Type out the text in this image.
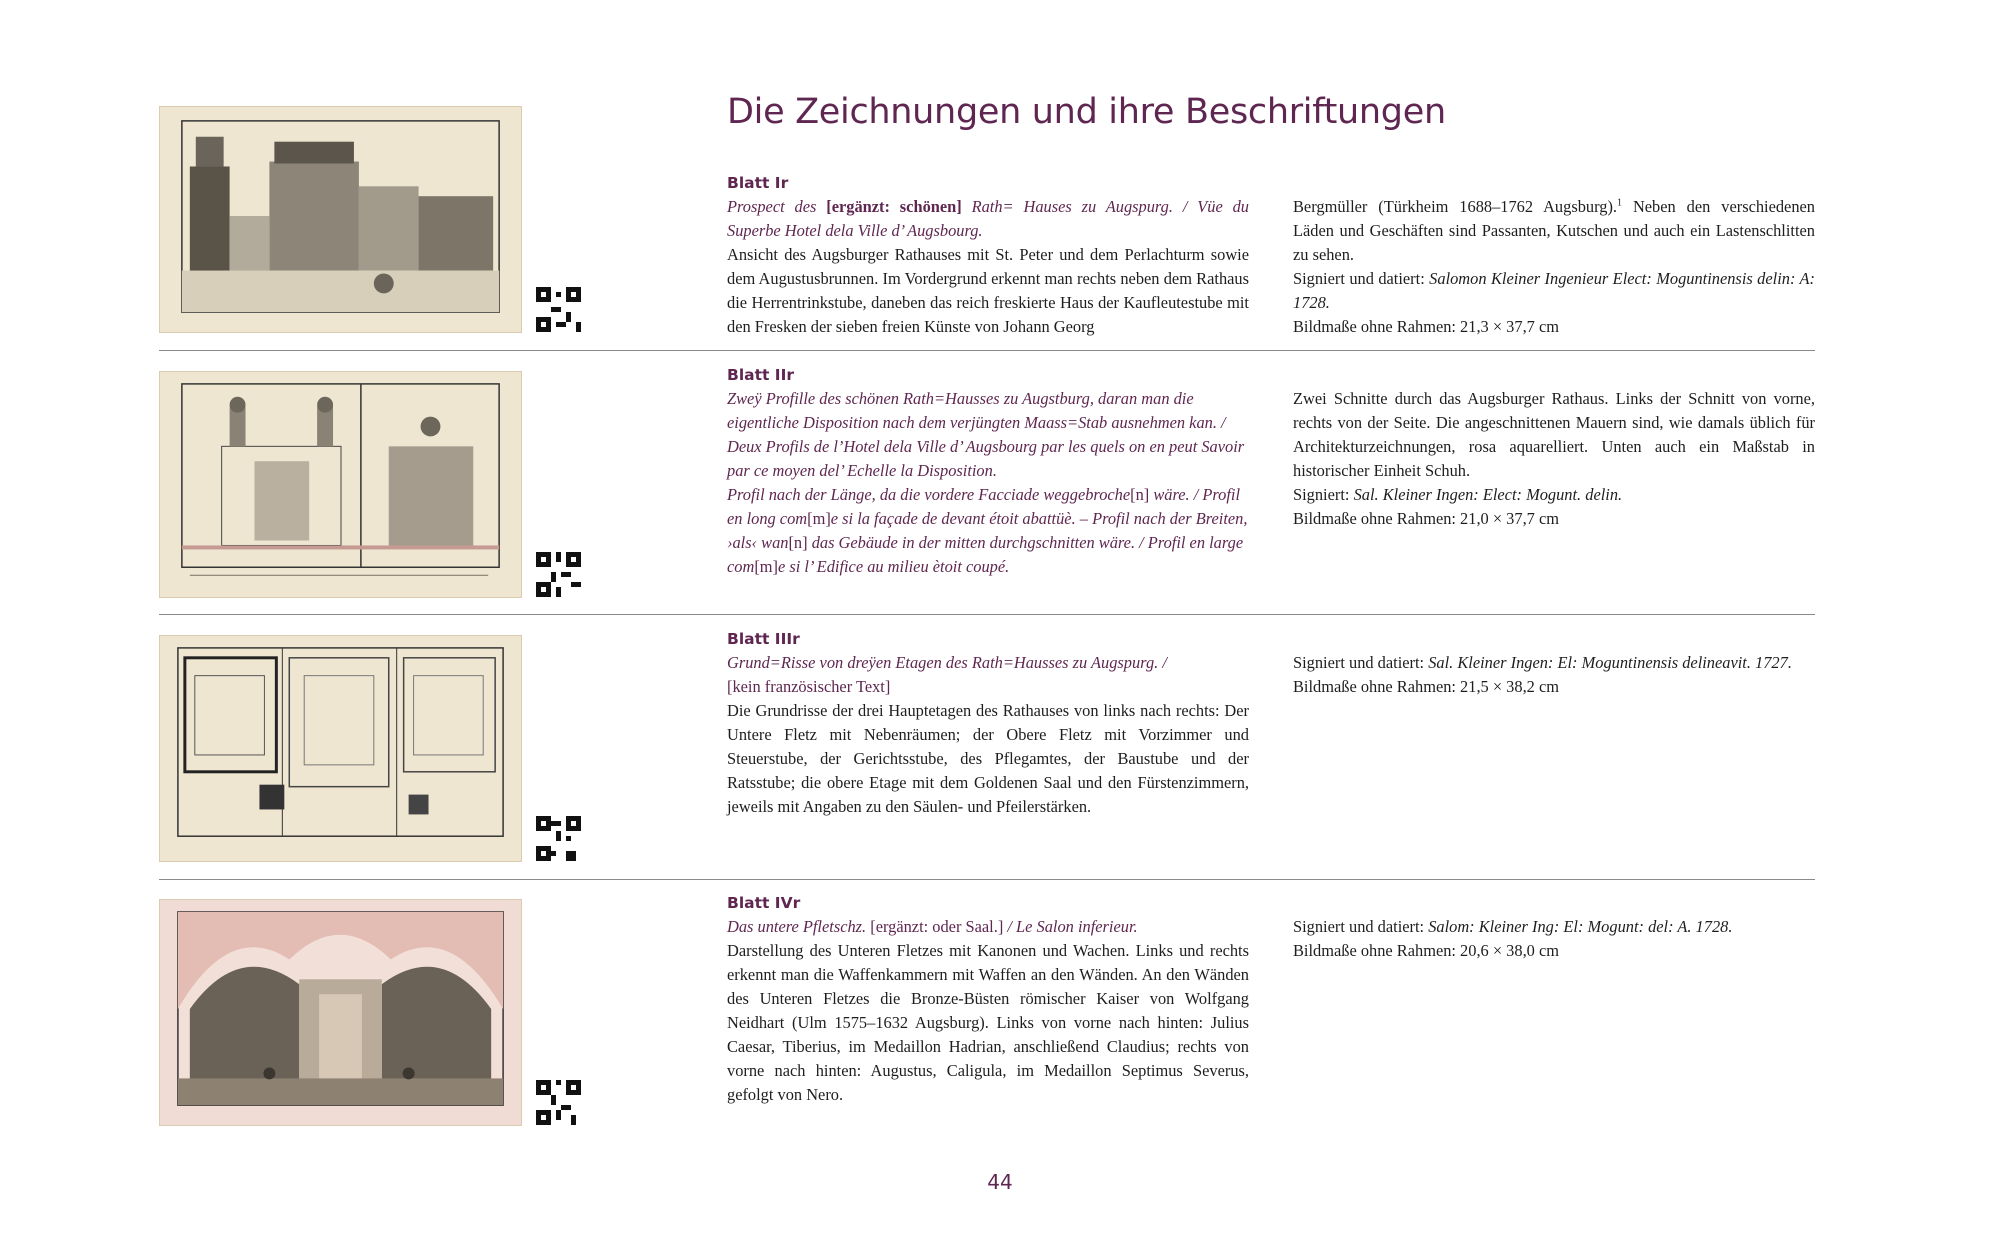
Die Zeichnungen und ihre Beschriftungen
Blatt Ir
Prospect des [ergänzt: schönen] Rath= Hauses zu Augspurg. / Vüe du Superbe Hotel dela Ville d’ Augsbourg.
Ansicht des Augsburger Rathauses mit St. Peter und dem Perlachturm sowie dem Augustusbrunnen. Im Vordergrund erkennt man rechts neben dem Rathaus die Herrentrinkstube, daneben das reich freskierte Haus der Kaufleutestube mit den Fresken der sieben freien Künste von Johann Georg
Bergmüller (Türkheim 1688–1762 Augsburg).$^1$ Neben den verschiedenen Läden und Geschäften sind Passanten, Kutschen und auch ein Lastenschlitten zu sehen.
Signiert und datiert: Salomon Kleiner Ingenieur Elect: Moguntinensis delin: A: 1728.
Bildmaße ohne Rahmen: 21,3 × 37,7 cm
Blatt IIr
Zweÿ Profille des schönen Rath=Hausses zu Augstburg, daran man die eigentliche Disposition nach dem verjüngten Maass=Stab ausnehmen kan. / Deux Profils de l’Hotel dela Ville d’ Augsbourg par les quels on en peut Savoir par ce moyen del’ Echelle la Disposition.
Profil nach der Länge, da die vordere Facciade weggebroche[n] wäre. / Profil en long com[m]e si la façade de devant étoit abattüè. – Profil nach der Breiten, ›als‹ wan[n] das Gebäude in der mitten durchgschnitten wäre. / Profil en large com[m]e si l’ Edifice au milieu ètoit coupé.
Zwei Schnitte durch das Augsburger Rathaus. Links der Schnitt von vorne, rechts von der Seite. Die angeschnittenen Mauern sind, wie damals üblich für Architekturzeichnungen, rosa aquarelliert. Unten auch ein Maßstab in historischer Einheit Schuh.
Signiert: Sal. Kleiner Ingen: Elect: Mogunt. delin.
Bildmaße ohne Rahmen: 21,0 × 37,7 cm
Blatt IIIr
Grund=Risse von dreÿen Etagen des Rath=Hausses zu Augspurg. /
[kein französischer Text]
Die Grundrisse der drei Hauptetagen des Rathauses von links nach rechts: Der Untere Fletz mit Nebenräumen; der Obere Fletz mit Vorzimmer und Steuerstube, der Gerichtsstube, des Pflegamtes, der Baustube und der Ratsstube; die obere Etage mit dem Goldenen Saal und den Fürstenzimmern, jeweils mit Angaben zu den Säulen- und Pfeilerstärken.
Signiert und datiert: Sal. Kleiner Ingen: El: Moguntinensis delineavit. 1727.
Bildmaße ohne Rahmen: 21,5 × 38,2 cm
Blatt IVr
Das untere Pfletschz. [ergänzt: oder Saal.] / Le Salon inferieur.
Darstellung des Unteren Fletzes mit Kanonen und Wachen. Links und rechts erkennt man die Waffenkammern mit Waffen an den Wänden. An den Wänden des Unteren Fletzes die Bronze-Büsten römischer Kaiser von Wolfgang Neidhart (Ulm 1575–1632 Augsburg). Links von vorne nach hinten: Julius Caesar, Tiberius, im Medaillon Hadrian, anschließend Claudius; rechts von vorne nach hinten: Augustus, Caligula, im Medaillon Septimus Severus, gefolgt von Nero.
Signiert und datiert: Salom: Kleiner Ing: El: Mogunt: del: A. 1728.
Bildmaße ohne Rahmen: 20,6 × 38,0 cm
44
